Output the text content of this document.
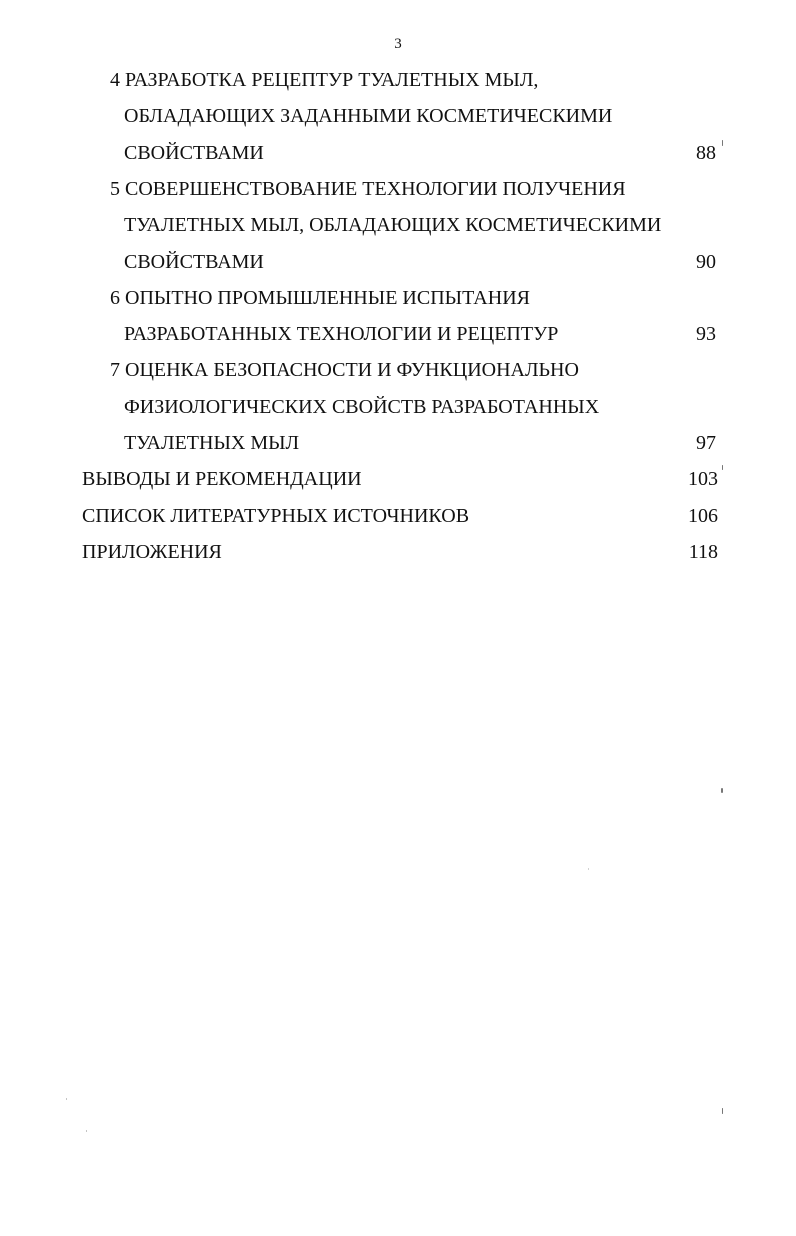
3
4 РАЗРАБОТКА РЕЦЕПТУР ТУАЛЕТНЫХ МЫЛ,
ОБЛАДАЮЩИХ ЗАДАННЫМИ КОСМЕТИЧЕСКИМИ
СВОЙСТВАМИ	88
5 СОВЕРШЕНСТВОВАНИЕ ТЕХНОЛОГИИ ПОЛУЧЕНИЯ
ТУАЛЕТНЫХ МЫЛ, ОБЛАДАЮЩИХ КОСМЕТИЧЕСКИМИ
СВОЙСТВАМИ	90
6 ОПЫТНО ПРОМЫШЛЕННЫЕ ИСПЫТАНИЯ
РАЗРАБОТАННЫХ ТЕХНОЛОГИИ И РЕЦЕПТУР	93
7 ОЦЕНКА БЕЗОПАСНОСТИ И ФУНКЦИОНАЛЬНО
ФИЗИОЛОГИЧЕСКИХ СВОЙСТВ РАЗРАБОТАННЫХ
ТУАЛЕТНЫХ МЫЛ	97
ВЫВОДЫ И РЕКОМЕНДАЦИИ	103
СПИСОК ЛИТЕРАТУРНЫХ ИСТОЧНИКОВ	106
ПРИЛОЖЕНИЯ	118
